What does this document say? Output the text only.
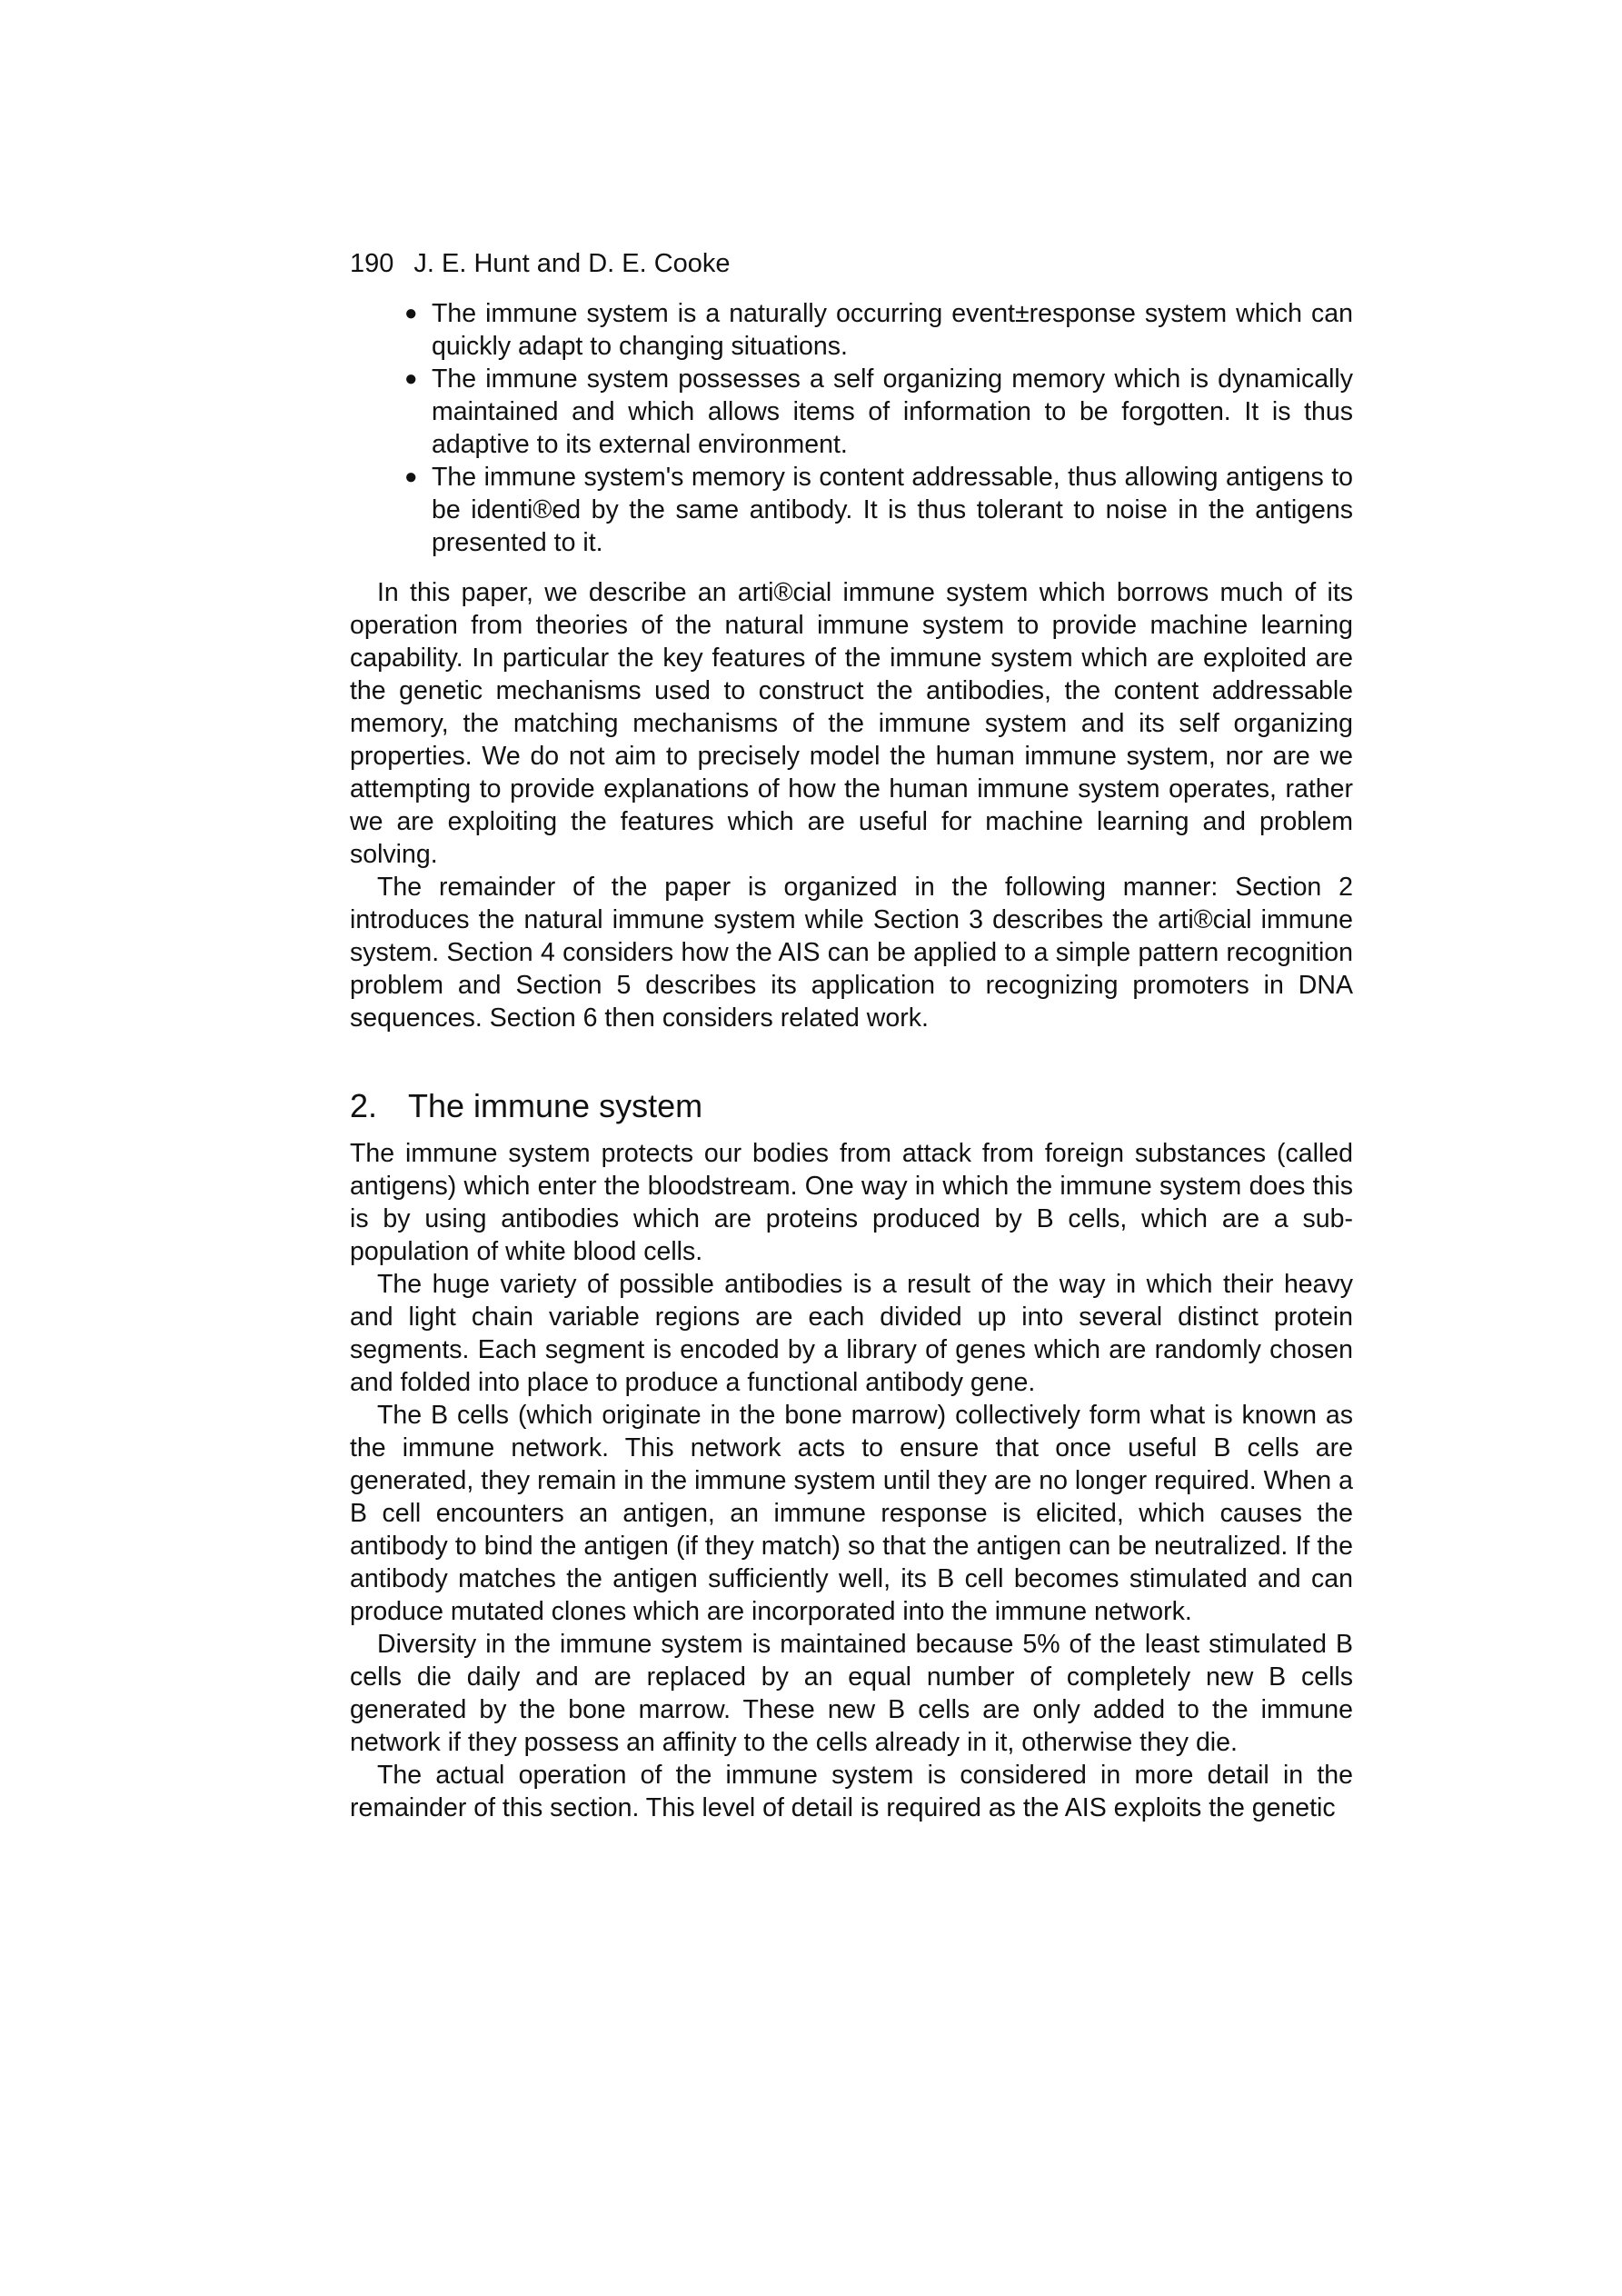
190 J. E. Hunt and D. E. Cooke
● The immune system is a naturally occurring event±response system which can quickly adapt to changing situations.
● The immune system possesses a self organizing memory which is dynamically maintained and which allows items of information to be forgotten. It is thus adaptive to its external environment.
● The immune system's memory is content addressable, thus allowing antigens to be identi®ed by the same antibody. It is thus tolerant to noise in the antigens presented to it.

In this paper, we describe an arti®cial immune system which borrows much of its operation from theories of the natural immune system to provide machine learning capability. In particular the key features of the immune system which are exploited are the genetic mechanisms used to construct the antibodies, the content addressable memory, the matching mechanisms of the immune system and its self organizing properties. We do not aim to precisely model the human immune system, nor are we attempting to provide explanations of how the human immune system operates, rather we are exploiting the features which are useful for machine learning and problem solving.

The remainder of the paper is organized in the following manner: Section 2 introduces the natural immune system while Section 3 describes the arti®cial immune system. Section 4 considers how the AIS can be applied to a simple pattern recognition problem and Section 5 describes its application to recognizing promoters in DNA sequences. Section 6 then considers related work.

2. The immune system

The immune system protects our bodies from attack from foreign substances (called antigens) which enter the bloodstream. One way in which the immune system does this is by using antibodies which are proteins produced by B cells, which are a sub-population of white blood cells.

The huge variety of possible antibodies is a result of the way in which their heavy and light chain variable regions are each divided up into several distinct protein segments. Each segment is encoded by a library of genes which are randomly chosen and folded into place to produce a functional antibody gene.

The B cells (which originate in the bone marrow) collectively form what is known as the immune network. This network acts to ensure that once useful B cells are generated, they remain in the immune system until they are no longer required. When a B cell encounters an antigen, an immune response is elicited, which causes the antibody to bind the antigen (if they match) so that the antigen can be neutralized. If the antibody matches the antigen sufficiently well, its B cell becomes stimulated and can produce mutated clones which are incorporated into the immune network.

Diversity in the immune system is maintained because 5% of the least stimulated B cells die daily and are replaced by an equal number of completely new B cells generated by the bone marrow. These new B cells are only added to the immune network if they possess an affinity to the cells already in it, otherwise they die.

The actual operation of the immune system is considered in more detail in the remainder of this section. This level of detail is required as the AIS exploits the genetic
